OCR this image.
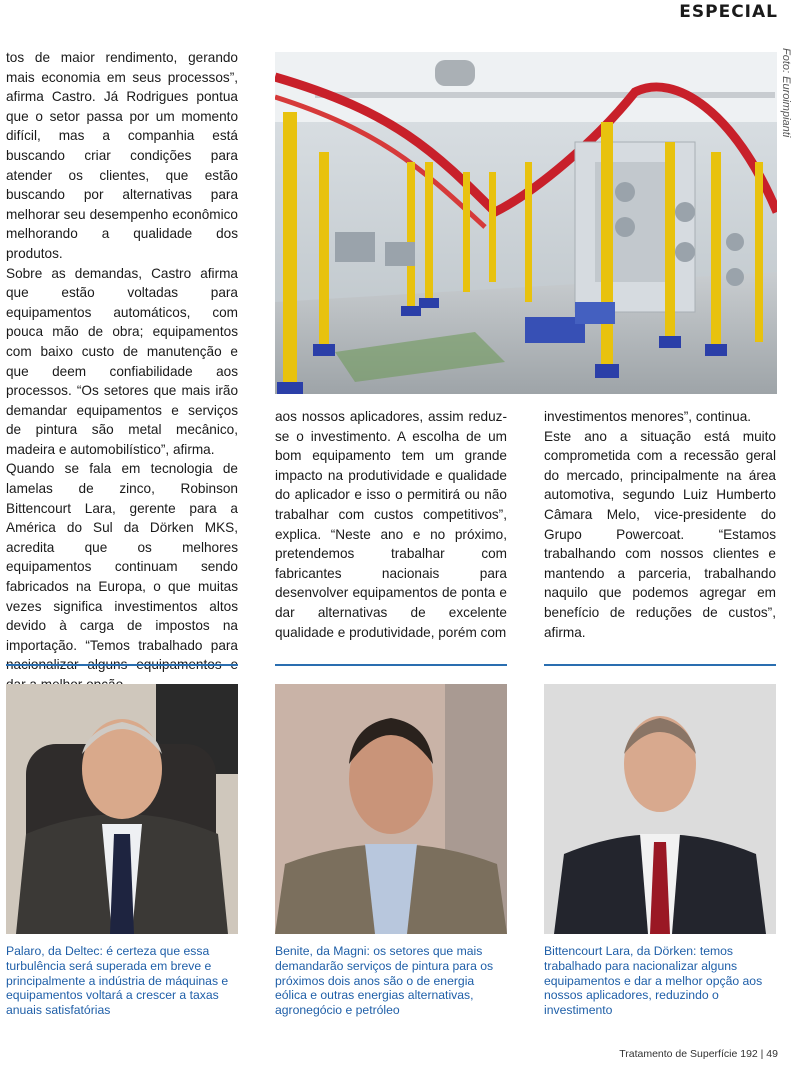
ESPECIAL

tos de maior rendimento, gerando mais economia em seus processos”, afirma Castro. Já Rodrigues pontua que o setor passa por um momento difícil, mas a companhia está buscando criar condições para atender os clientes, que estão buscando por alternativas para melhorar seu desempenho econômico melhorando a qualidade dos produtos.

Sobre as demandas, Castro afirma que estão voltadas para equipamentos automáticos, com pouca mão de obra; equipamentos com baixo custo de manutenção e que deem confiabilidade aos processos. “Os setores que mais irão demandar equipamentos e serviços de pintura são metal mecânico, madeira e automobilístico”, afirma.

Quando se fala em tecnologia de lamelas de zinco, Robinson Bittencourt Lara, gerente para a América do Sul da Dörken MKS, acredita que os melhores equipamentos continuam sendo fabricados na Europa, o que muitas vezes significa investimentos altos devido à carga de impostos na importação. “Temos trabalhado para

Foto: Euroimpianti

aos nossos aplicadores, assim reduz-se o investimento. A escolha de um bom equipamento tem um grande impacto na produtividade e qualidade do aplicador e isso o permitirá ou não trabalhar com custos competitivos”, explica. “Neste ano e no próximo, pretendemos trabalhar com fabricantes nacionais para desenvolver equipamentos de ponta e dar alternativas de excelente qualidade e produtividade, porém com

investimentos menores”, continua.

Este ano a situação está muito comprometida com a recessão geral do mercado, principalmente na área automotiva, segundo Luiz Humberto Câmara Melo, vice-presidente do Grupo Powercoat. “Estamos trabalhando com nossos clientes e mantendo a parceria, trabalhando naquilo que podemos agregar em benefício de reduções de custos”, afirma.

Palaro, da Deltec: é certeza que essa turbulência será superada em breve e principalmente a indústria de máquinas e equipamentos voltará a crescer a taxas anuais satisfatórias
Benite, da Magni: os setores que mais demandarão serviços de pintura para os próximos dois anos são o de energia eólica e outras energias alternativas, agronegócio e petróleo
Bittencourt Lara, da Dörken: temos trabalhado para nacionalizar alguns equipamentos e dar a melhor opção aos nossos aplicadores, reduzindo o investimento
Tratamento de Superfície 192 | 49
